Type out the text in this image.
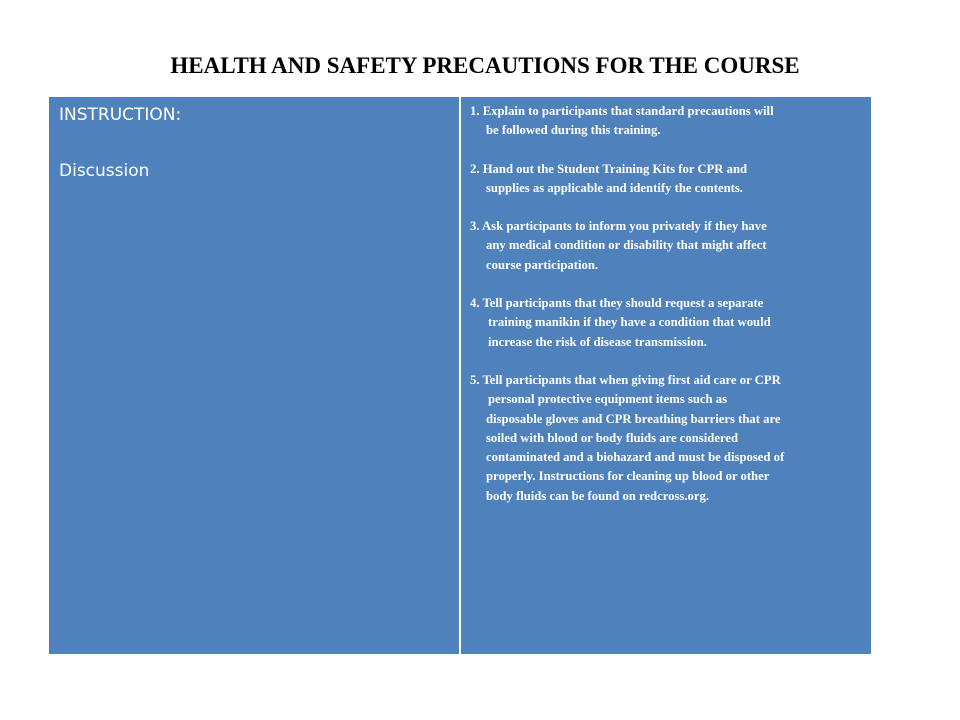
HEALTH AND SAFETY PRECAUTIONS FOR THE COURSE

INSTRUCTION:

Discussion

1. Explain to participants that standard precautions will
be followed during this training.
2. Hand out the Student Training Kits for CPR and
supplies as applicable and identify the contents.
3. Ask participants to inform you privately if they have
any medical condition or disability that might affect
course participation.
4. Tell participants that they should request a separate
training manikin if they have a condition that would
increase the risk of disease transmission.
5. Tell participants that when giving first aid care or CPR
personal protective equipment items such as
disposable gloves and CPR breathing barriers that are
soiled with blood or body fluids are considered
contaminated and a biohazard and must be disposed of
properly. Instructions for cleaning up blood or other
body fluids can be found on redcross.org.
